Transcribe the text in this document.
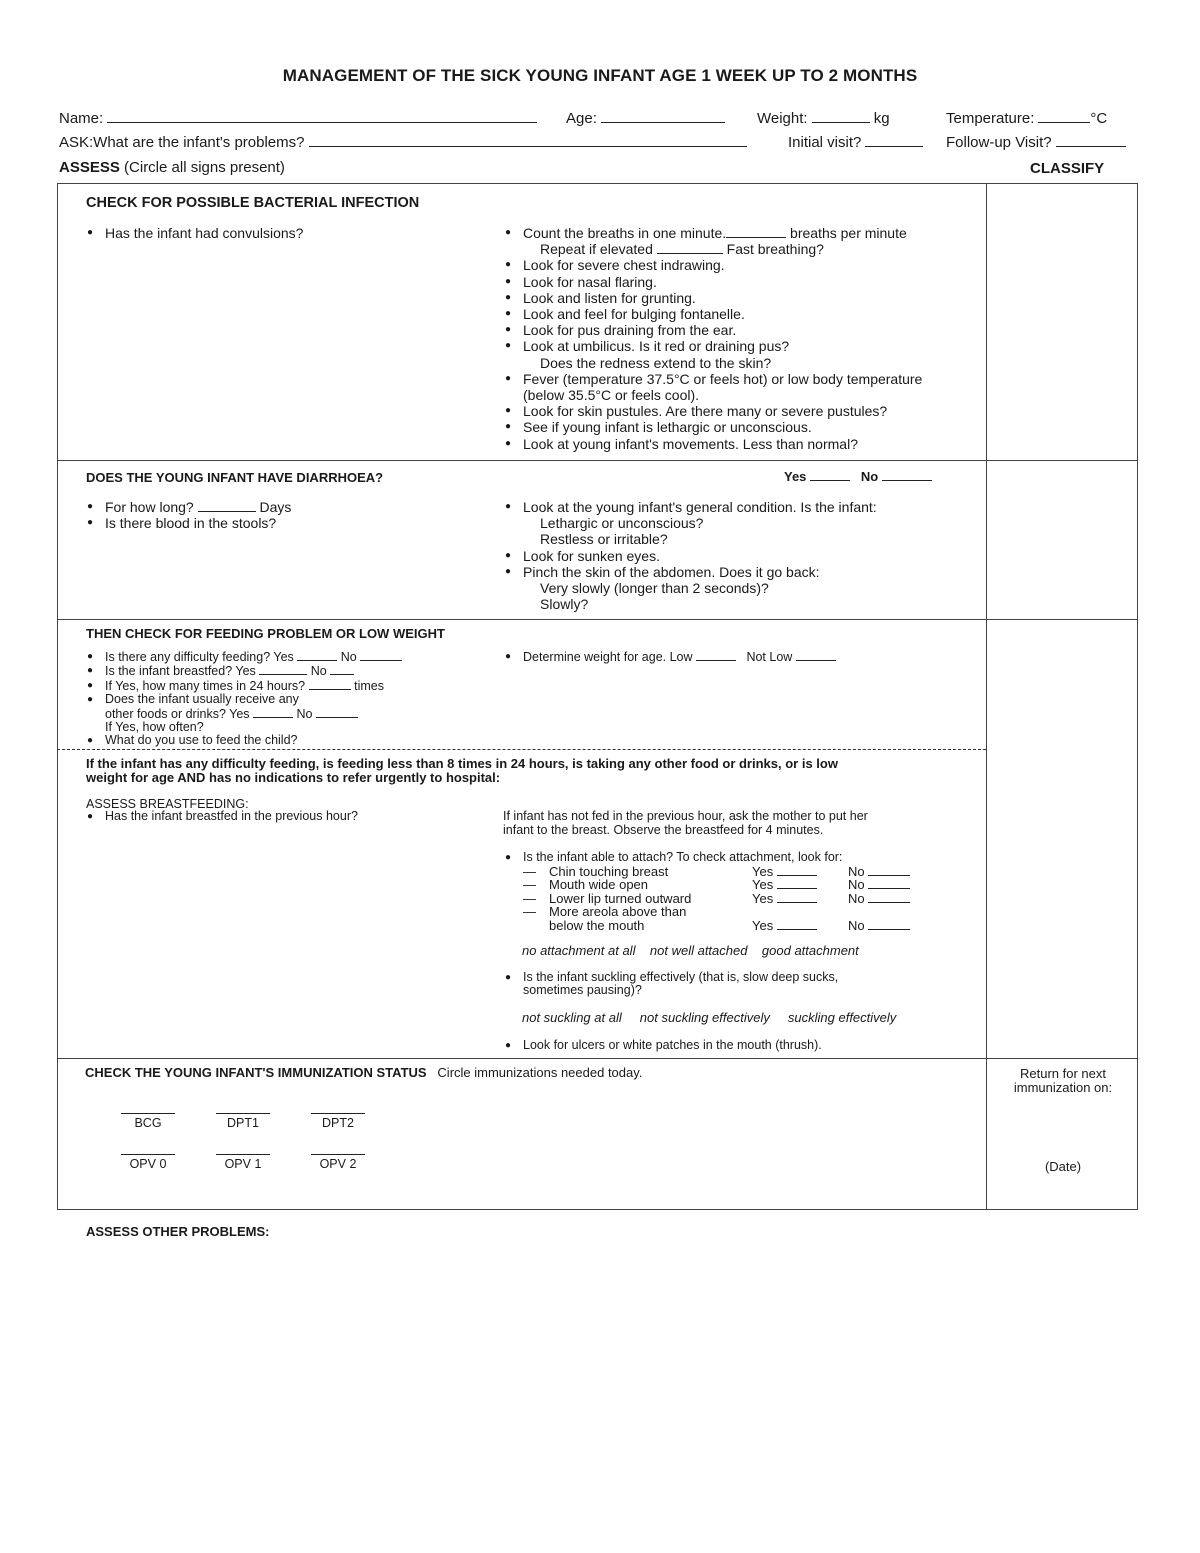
MANAGEMENT OF THE SICK YOUNG INFANT AGE 1 WEEK UP TO 2 MONTHS
Name:	Age:	Weight:	kg	Temperature:	°C
ASK:What are the infant's problems?	Initial visit?	Follow-up Visit?
ASSESS (Circle all signs present)	CLASSIFY
CHECK FOR POSSIBLE BACTERIAL INFECTION
● Has the infant had convulsions?
●	Count the breaths in one minute.	breaths per minute
Repeat if elevated	Fast breathing?
● Look for severe chest indrawing.
● Look for nasal flaring.
● Look and listen for grunting.
● Look and feel for bulging fontanelle.
● Look for pus draining from the ear.
● Look at umbilicus. Is it red or draining pus?
Does the redness extend to the skin?
● Fever (temperature 37.5°C or feels hot) or low body temperature
(below 35.5°C or feels cool).
● Look for skin pustules. Are there many or severe pustules?
● See if young infant is lethargic or unconscious.
● Look at young infant's movements. Less than normal?
DOES THE YOUNG INFANT HAVE DIARRHOEA?	Yes	No
● For how long?	Days
● Is there blood in the stools?
● Look at the young infant's general condition. Is the infant:
Lethargic or unconscious?
Restless or irritable?
● Look for sunken eyes.
● Pinch the skin of the abdomen. Does it go back:
Very slowly (longer than 2 seconds)?
Slowly?
THEN CHECK FOR FEEDING PROBLEM OR LOW WEIGHT
● Is there any difficulty feeding? Yes	No
● Is the infant breastfed? Yes	No
● If Yes, how many times in 24 hours?	times
● Does the infant usually receive any
other foods or drinks? Yes	No
If Yes, how often?
● What do you use to feed the child?
● Determine weight for age. Low	Not Low
If the infant has any difficulty feeding, is feeding less than 8 times in 24 hours, is taking any other food or drinks, or is low
weight for age AND has no indications to refer urgently to hospital:
ASSESS BREASTFEEDING:
● Has the infant breastfed in the previous hour?	If infant has not fed in the previous hour, ask the mother to put her
infant to the breast. Observe the breastfeed for 4 minutes.
● Is the infant able to attach? To check attachment, look for:
—	Chin touching breast	Yes	No
—	Mouth wide open	Yes	No
—	Lower lip turned outward	Yes	No
—	More areola above than
below the mouth	Yes	No
no attachment at all    not well attached    good attachment
● Is the infant suckling effectively (that is, slow deep sucks,
sometimes pausing)?
not suckling at all     not suckling effectively     suckling effectively
● Look for ulcers or white patches in the mouth (thrush).
CHECK THE YOUNG INFANT'S IMMUNIZATION STATUS Circle immunizations needed today.
BCG	DPT1	DPT2
OPV 0	OPV 1	OPV 2
Return for next
immunization on:
(Date)
ASSESS OTHER PROBLEMS:
